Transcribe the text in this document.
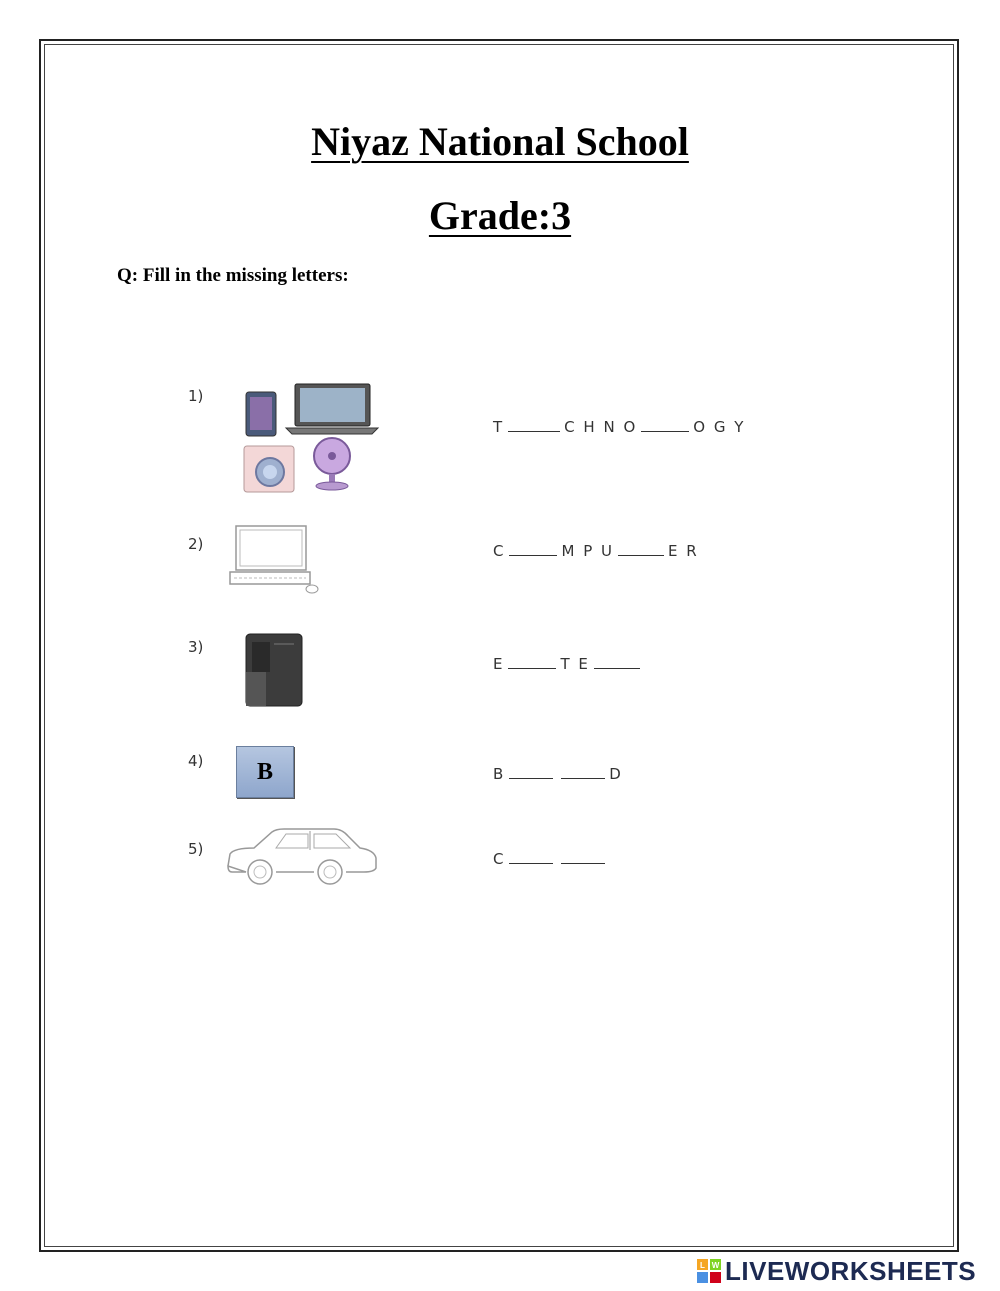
Niyaz National School
Grade:3
Q: Fill in the missing letters:
1)
T	C H N O	O G Y
2)	C	M P U	E R
3)
E	T E
4)	B	B	D
5)
C
L W LIVEWORKSHEETS
